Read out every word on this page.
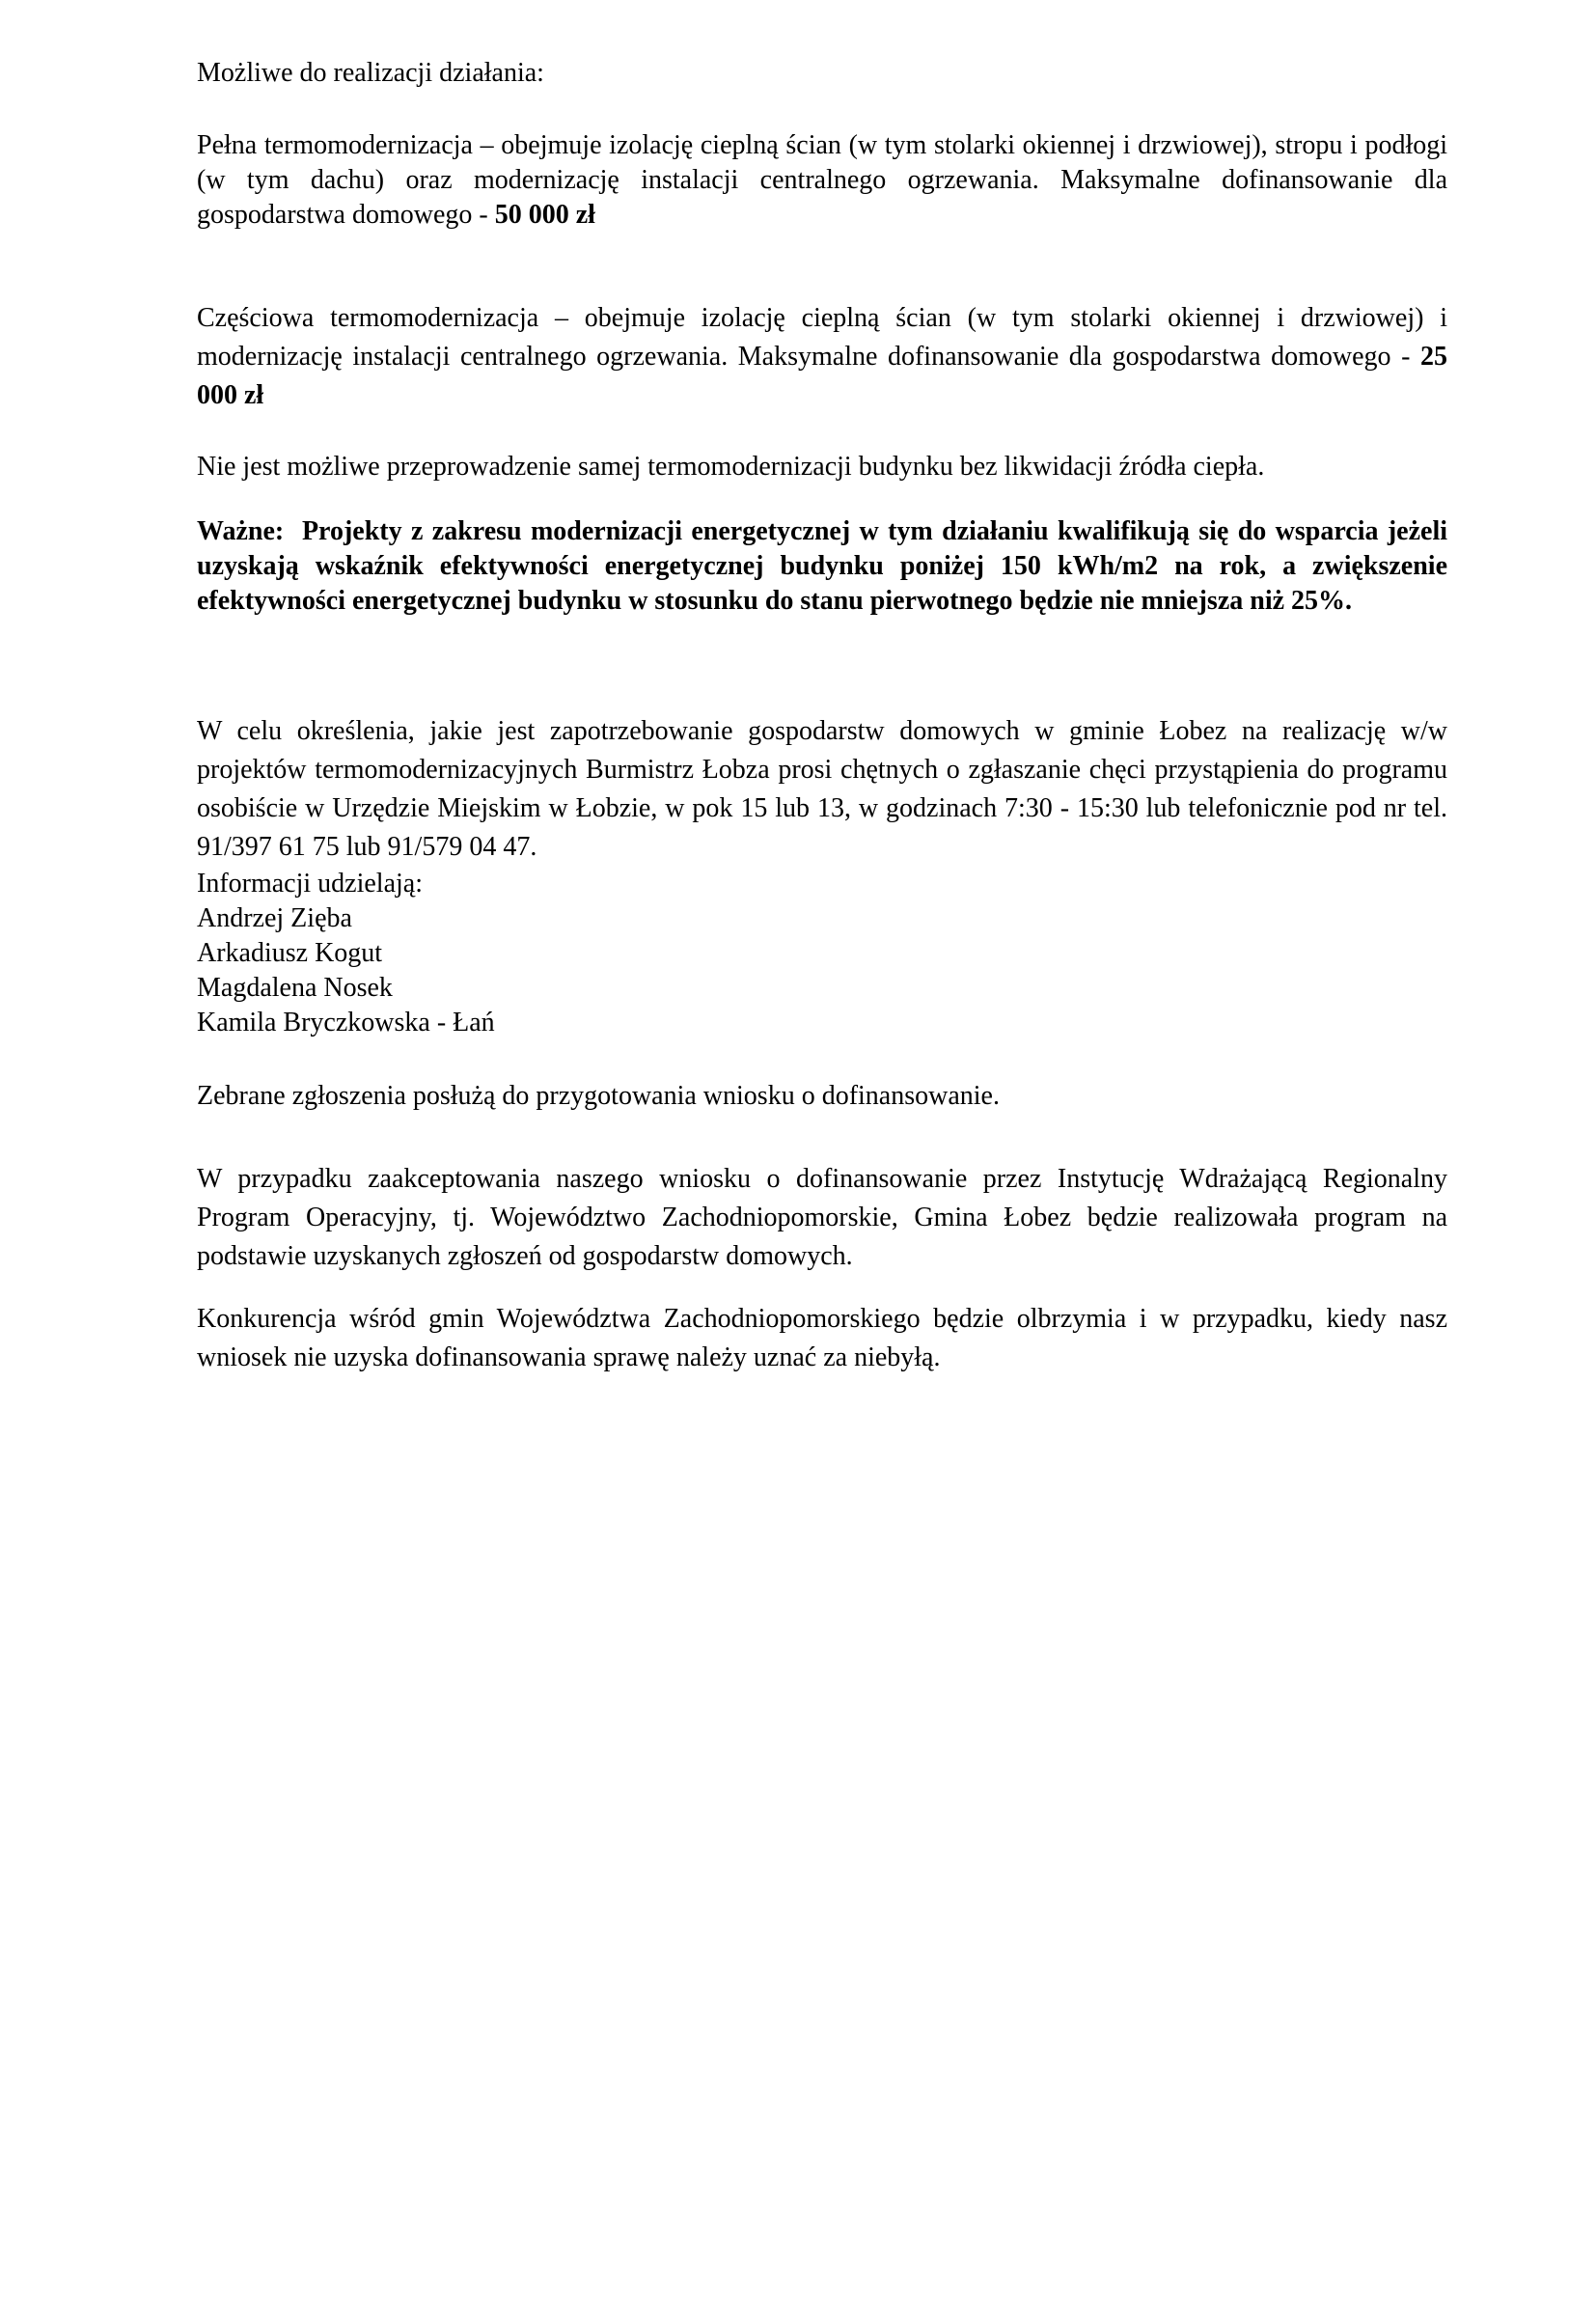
Możliwe do realizacji działania:

Pełna termomodernizacja – obejmuje izolację cieplną ścian (w tym stolarki okiennej i drzwiowej), stropu i podłogi (w tym dachu) oraz modernizację instalacji centralnego ogrzewania. Maksymalne dofinansowanie dla gospodarstwa domowego - 50 000 zł

Częściowa termomodernizacja – obejmuje izolację cieplną ścian (w tym stolarki okiennej i drzwiowej) i modernizację instalacji centralnego ogrzewania. Maksymalne dofinansowanie dla gospodarstwa domowego - 25 000 zł

Nie jest możliwe przeprowadzenie samej termomodernizacji budynku bez likwidacji źródła ciepła.

Ważne: Projekty z zakresu modernizacji energetycznej w tym działaniu kwalifikują się do wsparcia jeżeli uzyskają wskaźnik efektywności energetycznej budynku poniżej 150 kWh/m2 na rok, a zwiększenie efektywności energetycznej budynku w stosunku do stanu pierwotnego będzie nie mniejsza niż 25%.

W celu określenia, jakie jest zapotrzebowanie gospodarstw domowych w gminie Łobez na realizację w/w projektów termomodernizacyjnych Burmistrz Łobza prosi chętnych o zgłaszanie chęci przystąpienia do programu osobiście w Urzędzie Miejskim w Łobzie, w pok 15 lub 13, w godzinach 7:30 - 15:30 lub telefonicznie pod nr tel. 91/397 61 75 lub 91/579 04 47.

Informacji udzielają:

Andrzej Zięba
Arkadiusz Kogut
Magdalena Nosek
Kamila Bryczkowska - Łań

Zebrane zgłoszenia posłużą do przygotowania wniosku o dofinansowanie.

W przypadku zaakceptowania naszego wniosku o dofinansowanie przez Instytucję Wdrażającą Regionalny Program Operacyjny, tj. Województwo Zachodniopomorskie, Gmina Łobez będzie realizowała program na podstawie uzyskanych zgłoszeń od gospodarstw domowych.

Konkurencja wśród gmin Województwa Zachodniopomorskiego będzie olbrzymia i w przypadku, kiedy nasz wniosek nie uzyska dofinansowania sprawę należy uznać za niebyłą.
